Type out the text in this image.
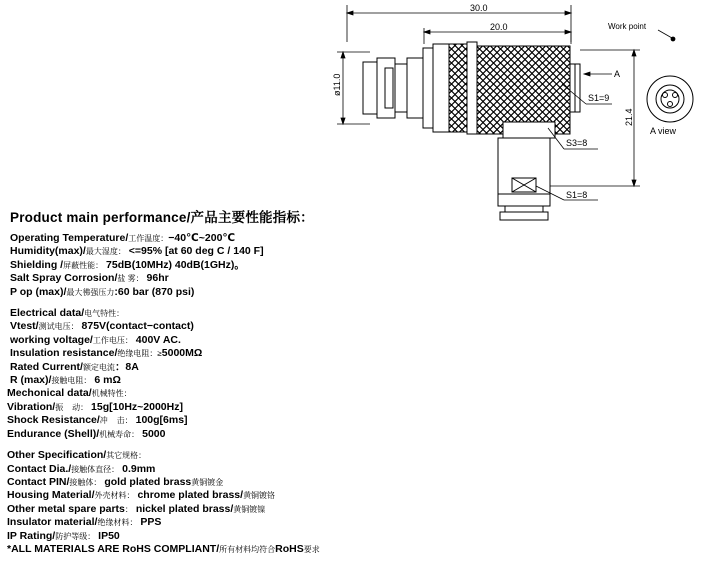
30.0
20.0
ø11.0
21.4
A
S1=9
S3=8
S1=8
Work point
A view
Product main performance/产品主要性能指标：
Operating Temperature/工作温度：−40℃~200℃
Humidity(max)/最大湿度： <=95% [at 60 deg C / 140 F]
Shielding /屏蔽性能： 75dB(10MHz) 40dB(1GHz)。
Salt Spray Corrosion/盐 雾： 96hr
P op (max)/最大彿强压力:60 bar (870 psi)
Electrical data/电气特性：
Vtest/测试电压： 875V(contact−contact)
working voltage/工作电压： 400V AC.
Insulation resistance/绝缘电阻：≥5000MΩ
Rated Current/额定电流：8A
R (max)/接触电阻： 6 mΩ
Mechonical data/机械特性：
Vibration/振    动： 15g[10Hz~2000Hz]
Shock Resistance/冲    击： 100g[6ms]
Endurance (Shell)/机械寿命： 5000
Other Specification/其它规格：
Contact Dia./接触体直径： 0.9mm
Contact PIN/接触体： gold plated brass黄铜镀金
Housing Material/外壳材料： chrome plated brass/黄铜镀铬
Other metal spare parts： nickel plated brass/黄铜镀镍
Insulator material/绝缘材料： PPS
IP Rating/防护等级： IP50
*ALL MATERIALS ARE RoHS COMPLIANT/所有材料均符合RoHS要求
